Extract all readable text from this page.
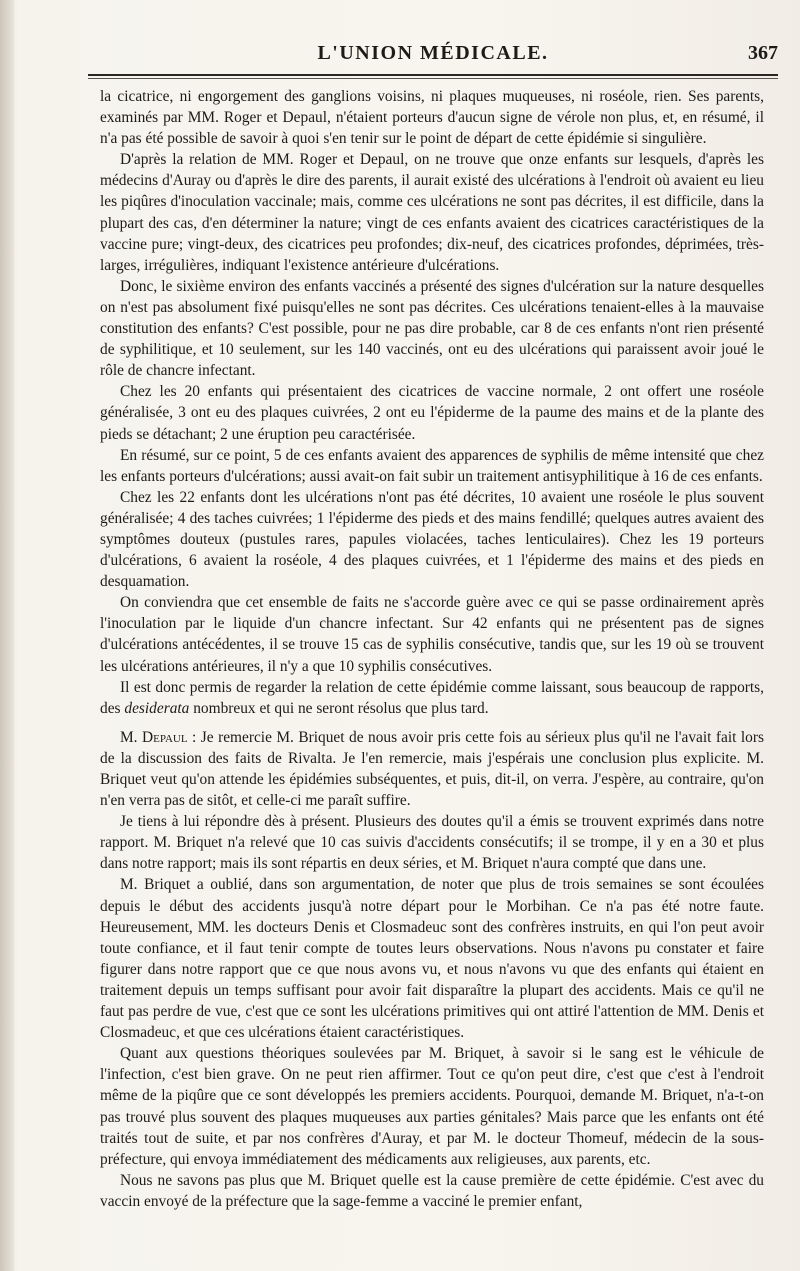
L'UNION MÉDICALE.	367

la cicatrice, ni engorgement des ganglions voisins, ni plaques muqueuses, ni roséole, rien. Ses parents, examinés par MM. Roger et Depaul, n'étaient porteurs d'aucun signe de vérole non plus, et, en résumé, il n'a pas été possible de savoir à quoi s'en tenir sur le point de départ de cette épidémie si singulière.

D'après la relation de MM. Roger et Depaul, on ne trouve que onze enfants sur lesquels, d'après les médecins d'Auray ou d'après le dire des parents, il aurait existé des ulcérations à l'endroit où avaient eu lieu les piqûres d'inoculation vaccinale; mais, comme ces ulcérations ne sont pas décrites, il est difficile, dans la plupart des cas, d'en déterminer la nature; vingt de ces enfants avaient des cicatrices caractéristiques de la vaccine pure; vingt-deux, des cicatrices peu profondes; dix-neuf, des cicatrices profondes, déprimées, très-larges, irrégulières, indiquant l'existence antérieure d'ulcérations.

Donc, le sixième environ des enfants vaccinés a présenté des signes d'ulcération sur la nature desquelles on n'est pas absolument fixé puisqu'elles ne sont pas décrites. Ces ulcérations tenaient-elles à la mauvaise constitution des enfants? C'est possible, pour ne pas dire probable, car 8 de ces enfants n'ont rien présenté de syphilitique, et 10 seulement, sur les 140 vaccinés, ont eu des ulcérations qui paraissent avoir joué le rôle de chancre infectant.

Chez les 20 enfants qui présentaient des cicatrices de vaccine normale, 2 ont offert une roséole généralisée, 3 ont eu des plaques cuivrées, 2 ont eu l'épiderme de la paume des mains et de la plante des pieds se détachant; 2 une éruption peu caractérisée.

En résumé, sur ce point, 5 de ces enfants avaient des apparences de syphilis de même intensité que chez les enfants porteurs d'ulcérations; aussi avait-on fait subir un traitement antisyphilitique à 16 de ces enfants.

Chez les 22 enfants dont les ulcérations n'ont pas été décrites, 10 avaient une roséole le plus souvent généralisée; 4 des taches cuivrées; 1 l'épiderme des pieds et des mains fendillé; quelques autres avaient des symptômes douteux (pustules rares, papules violacées, taches lenticulaires). Chez les 19 porteurs d'ulcérations, 6 avaient la roséole, 4 des plaques cuivrées, et 1 l'épiderme des mains et des pieds en desquamation.

On conviendra que cet ensemble de faits ne s'accorde guère avec ce qui se passe ordinairement après l'inoculation par le liquide d'un chancre infectant. Sur 42 enfants qui ne présentent pas de signes d'ulcérations antécédentes, il se trouve 15 cas de syphilis consécutive, tandis que, sur les 19 où se trouvent les ulcérations antérieures, il n'y a que 10 syphilis consécutives.

Il est donc permis de regarder la relation de cette épidémie comme laissant, sous beaucoup de rapports, des desiderata nombreux et qui ne seront résolus que plus tard.

M. Depaul : Je remercie M. Briquet de nous avoir pris cette fois au sérieux plus qu'il ne l'avait fait lors de la discussion des faits de Rivalta. Je l'en remercie, mais j'espérais une conclusion plus explicite. M. Briquet veut qu'on attende les épidémies subséquentes, et puis, dit-il, on verra. J'espère, au contraire, qu'on n'en verra pas de sitôt, et celle-ci me paraît suffire.

Je tiens à lui répondre dès à présent. Plusieurs des doutes qu'il a émis se trouvent exprimés dans notre rapport. M. Briquet n'a relevé que 10 cas suivis d'accidents consécutifs; il se trompe, il y en a 30 et plus dans notre rapport; mais ils sont répartis en deux séries, et M. Briquet n'aura compté que dans une.

M. Briquet a oublié, dans son argumentation, de noter que plus de trois semaines se sont écoulées depuis le début des accidents jusqu'à notre départ pour le Morbihan. Ce n'a pas été notre faute. Heureusement, MM. les docteurs Denis et Closmadeuc sont des confrères instruits, en qui l'on peut avoir toute confiance, et il faut tenir compte de toutes leurs observations. Nous n'avons pu constater et faire figurer dans notre rapport que ce que nous avons vu, et nous n'avons vu que des enfants qui étaient en traitement depuis un temps suffisant pour avoir fait disparaître la plupart des accidents. Mais ce qu'il ne faut pas perdre de vue, c'est que ce sont les ulcérations primitives qui ont attiré l'attention de MM. Denis et Closmadeuc, et que ces ulcérations étaient caractéristiques.

Quant aux questions théoriques soulevées par M. Briquet, à savoir si le sang est le véhicule de l'infection, c'est bien grave. On ne peut rien affirmer. Tout ce qu'on peut dire, c'est que c'est à l'endroit même de la piqûre que ce sont développés les premiers accidents. Pourquoi, demande M. Briquet, n'a-t-on pas trouvé plus souvent des plaques muqueuses aux parties génitales? Mais parce que les enfants ont été traités tout de suite, et par nos confrères d'Auray, et par M. le docteur Thomeuf, médecin de la sous-préfecture, qui envoya immédiatement des médicaments aux religieuses, aux parents, etc.

Nous ne savons pas plus que M. Briquet quelle est la cause première de cette épidémie. C'est avec du vaccin envoyé de la préfecture que la sage-femme a vacciné le premier enfant,
